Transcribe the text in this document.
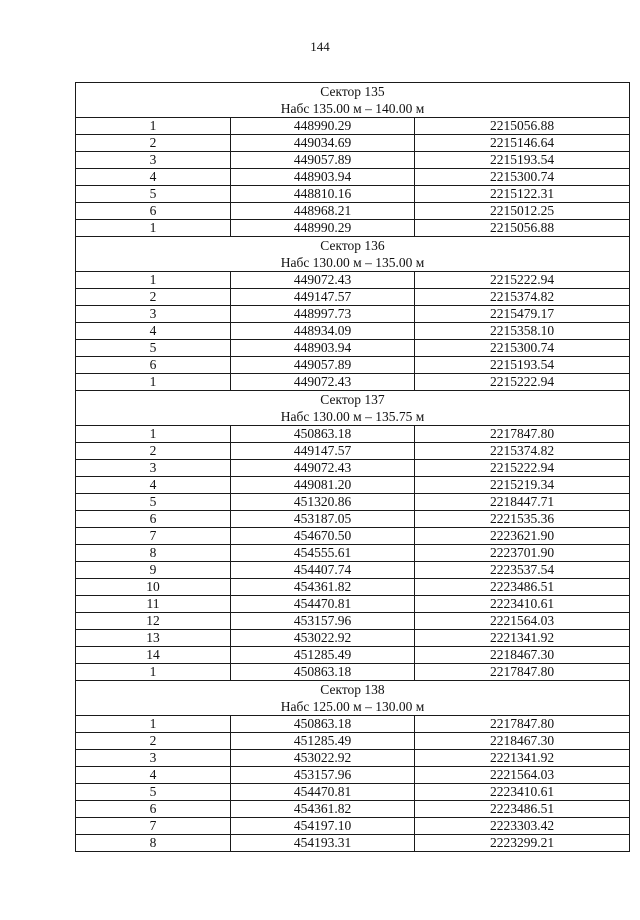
144
Сектор 135		
Набс 135.00 м – 140.00 м		
1	448990.29	2215056.88
2	449034.69	2215146.64
3	449057.89	2215193.54
4	448903.94	2215300.74
5	448810.16	2215122.31
6	448968.21	2215012.25
1	448990.29	2215056.88
Сектор 136		
Набс 130.00 м – 135.00 м		
1	449072.43	2215222.94
2	449147.57	2215374.82
3	448997.73	2215479.17
4	448934.09	2215358.10
5	448903.94	2215300.74
6	449057.89	2215193.54
1	449072.43	2215222.94
Сектор 137		
Набс 130.00 м – 135.75 м		
1	450863.18	2217847.80
2	449147.57	2215374.82
3	449072.43	2215222.94
4	449081.20	2215219.34
5	451320.86	2218447.71
6	453187.05	2221535.36
7	454670.50	2223621.90
8	454555.61	2223701.90
9	454407.74	2223537.54
10	454361.82	2223486.51
11	454470.81	2223410.61
12	453157.96	2221564.03
13	453022.92	2221341.92
14	451285.49	2218467.30
1	450863.18	2217847.80
Сектор 138		
Набс 125.00 м – 130.00 м		
1	450863.18	2217847.80
2	451285.49	2218467.30
3	453022.92	2221341.92
4	453157.96	2221564.03
5	454470.81	2223410.61
6	454361.82	2223486.51
7	454197.10	2223303.42
8	454193.31	2223299.21
